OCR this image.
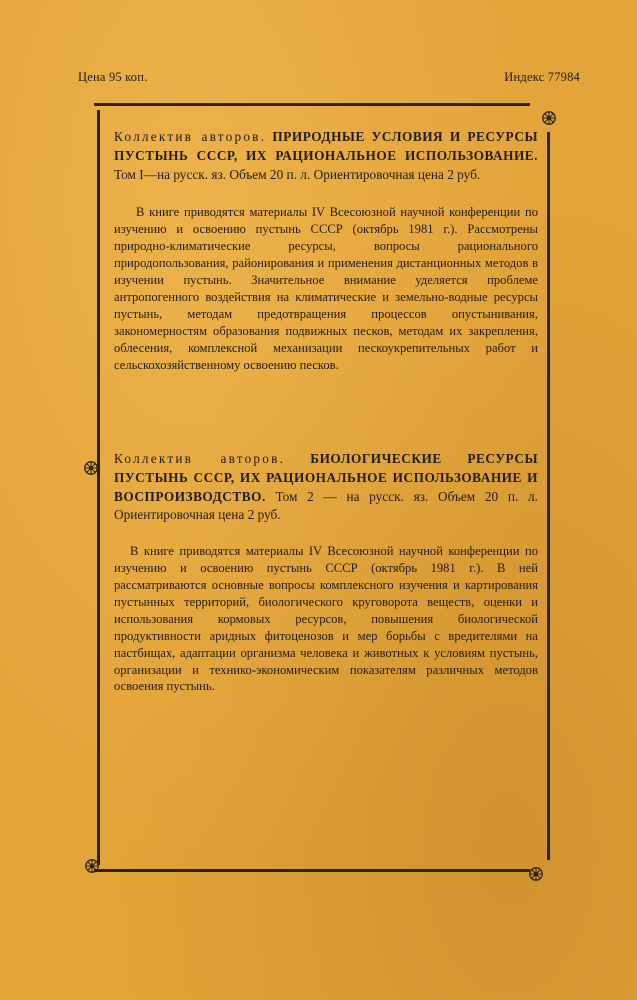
Цена 95 коп.	Индекс 77984

Коллектив авторов. ПРИРОДНЫЕ УСЛОВИЯ И РЕСУРСЫ ПУСТЫНЬ СССР, ИХ РАЦИОНАЛЬНОЕ ИСПОЛЬЗОВАНИЕ. Том I—на русск. яз. Объем 20 п. л. Ориентировочная цена 2 руб.

В книге приводятся материалы IV Всесоюзной научной конференции по изучению и освоению пустынь СССР (октябрь 1981 г.). Рассмотрены природно-климатические ресурсы, вопросы рационального природопользования, районирования и применения дистанционных методов в изучении пустынь. Значительное внимание уделяется проблеме антропогенного воздействия на климатические и земельно-водные ресурсы пустынь, методам предотвращения процессов опустынивания, закономерностям образования подвижных песков, методам их закрепления, облесения, комплексной механизации пескоукрепительных работ и сельскохозяйственному освоению песков.

Коллектив авторов. БИОЛОГИЧЕСКИЕ РЕСУРСЫ ПУСТЫНЬ СССР, ИХ РАЦИОНАЛЬНОЕ ИСПОЛЬЗОВАНИЕ И ВОСПРОИЗВОДСТВО. Том 2 — на русск. яз. Объем 20 п. л. Ориентировочная цена 2 руб.

В книге приводятся материалы IV Всесоюзной научной конференции по изучению и освоению пустынь СССР (октябрь 1981 г.). В ней рассматриваются основные вопросы комплексного изучения и картирования пустынных территорий, биологического круговорота веществ, оценки и использования кормовых ресурсов, повышения биологической продуктивности аридных фитоценозов и мер борьбы с вредителями на пастбищах, адаптации организма человека и животных к условиям пустынь, организации и технико-экономическим показателям различных методов освоения пустынь.
